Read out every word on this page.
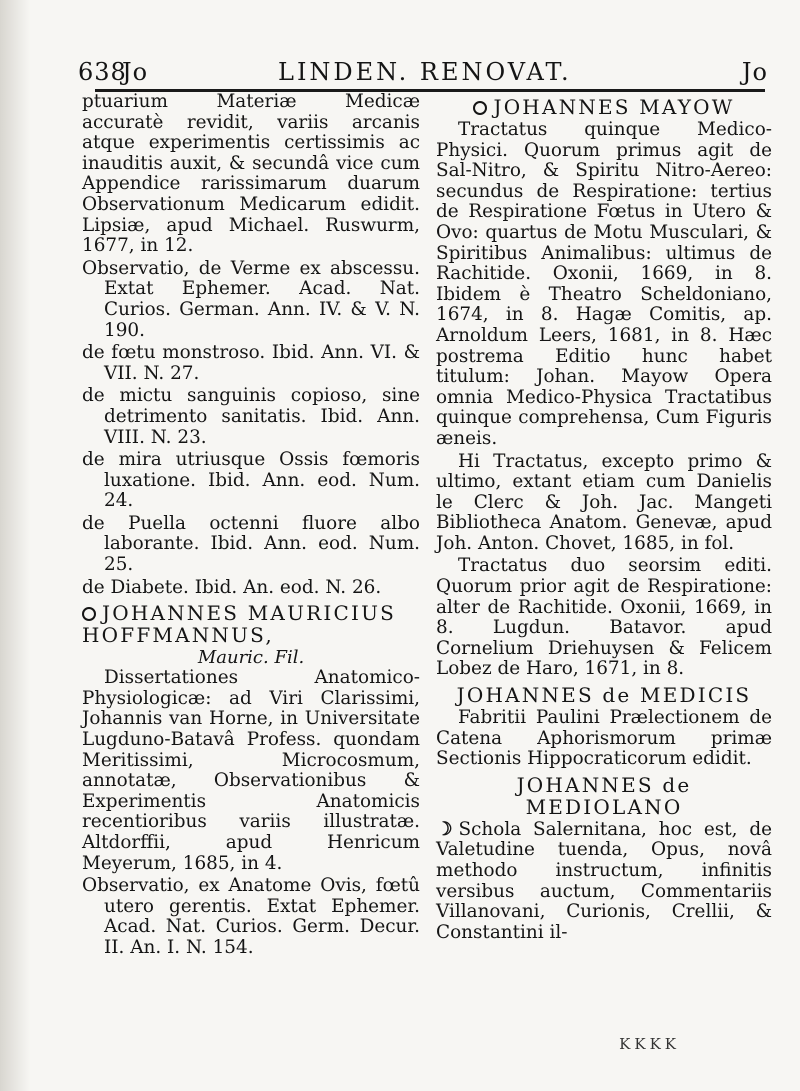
638
Jo	LINDEN. RENOVAT.	Jo
ptuarium Materiæ Medicæ accuratè revidit, variis arcanis atque experimentis certissimis ac inauditis auxit, & secundâ vice cum Appendice rarissimarum duarum Observationum Medicarum edidit. Lipsiæ, apud Michael. Ruswurm, 1677, in 12.
Observatio, de Verme ex abscessu. Extat Ephemer. Acad. Nat. Curios. German. Ann. IV. & V. N. 190.
de fœtu monstroso. Ibid. Ann. VI. & VII. N. 27.
de mictu sanguinis copioso, sine detrimento sanitatis. Ibid. Ann. VIII. N. 23.
de mira utriusque Ossis fœmoris luxatione. Ibid. Ann. eod. Num. 24.
de Puella octenni fluore albo laborante. Ibid. Ann. eod. Num. 25.
de Diabete. Ibid. An. eod. N. 26.
JOHANNES MAURICIUS HOFFMANNUS,
Mauric. Fil.
Dissertationes Anatomico-Physiologicæ: ad Viri Clarissimi, Johannis van Horne, in Universitate Lugduno-Batavâ Profess. quondam Meritissimi, Microcosmum, annotatæ, Observationibus & Experimentis Anatomicis recentioribus variis illustratæ. Altdorffii, apud Henricum Meyerum, 1685, in 4.
Observatio, ex Anatome Ovis, fœtû utero gerentis. Extat Ephemer. Acad. Nat. Curios. Germ. Decur. II. An. I. N. 154.
JOHANNES MAYOW
Tractatus quinque Medico-Physici. Quorum primus agit de Sal-Nitro, & Spiritu Nitro-Aereo: secundus de Respiratione: tertius de Respiratione Fœtus in Utero & Ovo: quartus de Motu Musculari, & Spiritibus Animalibus: ultimus de Rachitide. Oxonii, 1669, in 8. Ibidem è Theatro Scheldoniano, 1674, in 8. Hagæ Comitis, ap. Arnoldum Leers, 1681, in 8. Hæc postrema Editio hunc habet titulum: Johan. Mayow Opera omnia Medico-Physica Tractatibus quinque comprehensa, Cum Figuris æneis.
Hi Tractatus, excepto primo & ultimo, extant etiam cum Danielis le Clerc & Joh. Jac. Mangeti Bibliotheca Anatom. Genevæ, apud Joh. Anton. Chovet, 1685, in fol.
Tractatus duo seorsim editi. Quorum prior agit de Respiratione: alter de Rachitide. Oxonii, 1669, in 8. Lugdun. Batavor. apud Cornelium Driehuysen & Felicem Lobez de Haro, 1671, in 8.
JOHANNES de MEDICIS
Fabritii Paulini Prælectionem de Catena Aphorismorum primæ Sectionis Hippocraticorum edidit.
JOHANNES de MEDIOLANO
☽ Schola Salernitana, hoc est, de Valetudine tuenda, Opus, novâ methodo instructum, infinitis versibus auctum, Commentariis Villanovani, Curionis, Crellii, & Constantini il-
KKKK
